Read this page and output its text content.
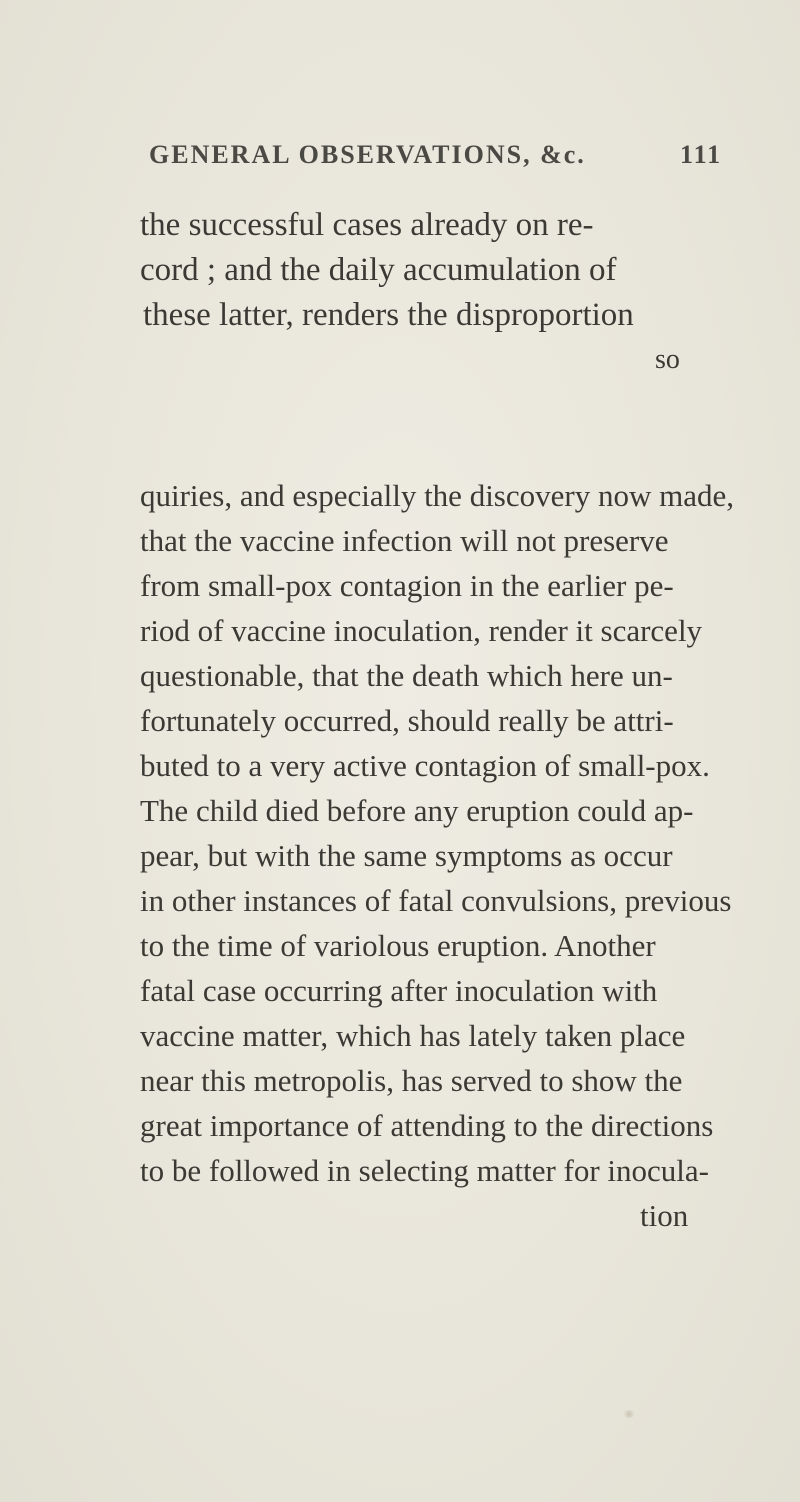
GENERAL OBSERVATIONS, &c.	111
the successful cases already on re-
cord ; and the daily accumulation of
these latter, renders the disproportion
so
quiries, and especially the discovery now made,
that the vaccine infection will not preserve
from small-pox contagion in the earlier pe-
riod of vaccine inoculation, render it scarcely
questionable, that the death which here un-
fortunately occurred, should really be attri-
buted to a very active contagion of small-pox.
The child died before any eruption could ap-
pear, but with the same symptoms as occur
in other instances of fatal convulsions, previous
to the time of variolous eruption. Another
fatal case occurring after inoculation with
vaccine matter, which has lately taken place
near this metropolis, has served to show the
great importance of attending to the directions
to be followed in selecting matter for inocula-
tion
